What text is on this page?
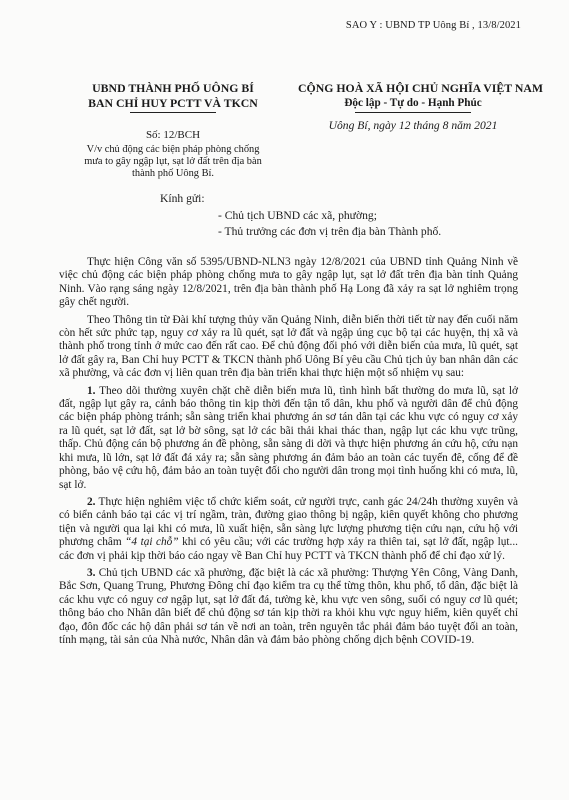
SAO Y : UBND TP Uông Bí , 13/8/2021
UBND THÀNH PHỐ UÔNG BÍ
BAN CHỈ HUY PCTT VÀ TKCN
Số: 12/BCH
V/v chủ động các biện pháp phòng chống
mưa to gây ngập lụt, sạt lở đất trên địa bàn
thành phố Uông Bí.
CỘNG HOÀ XÃ HỘI CHỦ NGHĨA VIỆT NAM
Độc lập - Tự do - Hạnh Phúc
Uông Bí, ngày 12 tháng 8 năm 2021
Kính gửi:
- Chủ tịch UBND các xã, phường;
- Thủ trưởng các đơn vị trên địa bàn Thành phố.

Thực hiện Công văn số 5395/UBND-NLN3 ngày 12/8/2021 của UBND tỉnh Quảng Ninh về việc chủ động các biện pháp phòng chống mưa to gây ngập lụt, sạt lở đất trên địa bàn tỉnh Quảng Ninh. Vào rạng sáng ngày 12/8/2021, trên địa bàn thành phố Hạ Long đã xảy ra sạt lở nghiêm trọng gây chết người.

Theo Thông tin từ Đài khí tượng thủy văn Quảng Ninh, diễn biến thời tiết từ nay đến cuối năm còn hết sức phức tạp, nguy cơ xảy ra lũ quét, sạt lở đất và ngập úng cục bộ tại các huyện, thị xã và thành phố trong tỉnh ở mức cao đến rất cao. Để chủ động đối phó với diễn biến của mưa, lũ quét, sạt lở đất gây ra, Ban Chỉ huy PCTT & TKCN thành phố Uông Bí yêu cầu Chủ tịch ủy ban nhân dân các xã phường, và các đơn vị liên quan trên địa bàn triển khai thực hiện một số nhiệm vụ sau:

1. Theo dõi thường xuyên chặt chẽ diễn biến mưa lũ, tình hình bất thường do mưa lũ, sạt lở đất, ngập lụt gây ra, cảnh báo thông tin kịp thời đến tận tổ dân, khu phố và người dân để chủ động các biện pháp phòng tránh; sẵn sàng triển khai phương án sơ tán dân tại các khu vực có nguy cơ xảy ra lũ quét, sạt lở đất, sạt lở bờ sông, sạt lở các bãi thải khai thác than, ngập lụt các khu vực trũng, thấp. Chủ động cán bộ phương án đề phòng, sẵn sàng di dời và thực hiện phương án cứu hộ, cứu nạn khi mưa, lũ lớn, sạt lở đất đá xảy ra; sẵn sàng phương án đảm bảo an toàn các tuyến đê, cống để đề phòng, bảo vệ cứu hộ, đảm bảo an toàn tuyệt đối cho người dân trong mọi tình huống khi có mưa, lũ, sạt lở.

2. Thực hiện nghiêm việc tổ chức kiểm soát, cử người trực, canh gác 24/24h thường xuyên và có biển cảnh báo tại các vị trí ngầm, tràn, đường giao thông bị ngập, kiên quyết không cho phương tiện và người qua lại khi có mưa, lũ xuất hiện, sẵn sàng lực lượng phương tiện cứu nạn, cứu hộ với phương châm “4 tại chỗ” khi có yêu cầu; với các trường hợp xảy ra thiên tai, sạt lở đất, ngập lụt... các đơn vị phải kịp thời báo cáo ngay về Ban Chỉ huy PCTT và TKCN thành phố để chỉ đạo xử lý.

3. Chủ tịch UBND các xã phường, đặc biệt là các xã phường: Thượng Yên Công, Vàng Danh, Bắc Sơn, Quang Trung, Phương Đông chỉ đạo kiểm tra cụ thể từng thôn, khu phố, tổ dân, đặc biệt là các khu vực có nguy cơ ngập lụt, sạt lở đất đá, tường kè, khu vực ven sông, suối có nguy cơ lũ quét; thông báo cho Nhân dân biết để chủ động sơ tán kịp thời ra khỏi khu vực nguy hiểm, kiên quyết chỉ đạo, đôn đốc các hộ dân phải sơ tán về nơi an toàn, trên nguyên tắc phải đảm bảo tuyệt đối an toàn, tính mạng, tài sản của Nhà nước, Nhân dân và đảm bảo phòng chống dịch bệnh COVID-19.
